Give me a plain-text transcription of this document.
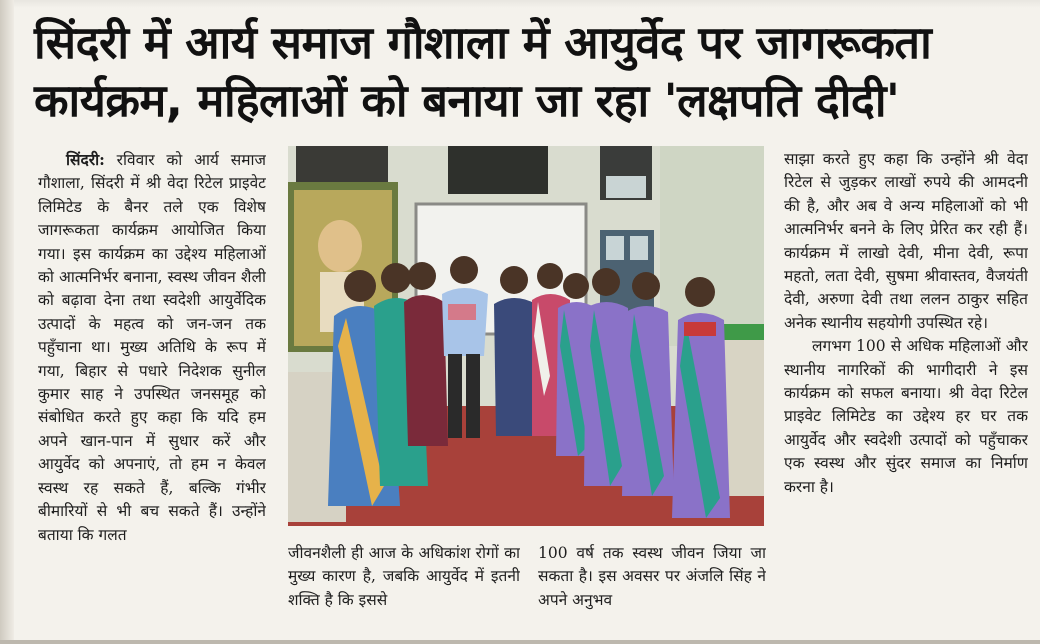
सिंदरी में आर्य समाज गौशाला में आयुर्वेद पर जागरूकता
कार्यक्रम, महिलाओं को बनाया जा रहा 'लक्षपति दीदी'

सिंदरी: रविवार को आर्य समाज गौशाला, सिंदरी में श्री वेदा रिटेल प्राइवेट लिमिटेड के बैनर तले एक विशेष जागरूकता कार्यक्रम आयोजित किया गया। इस कार्यक्रम का उद्देश्य महिलाओं को आत्मनिर्भर बनाना, स्वस्थ जीवन शैली को बढ़ावा देना तथा स्वदेशी आयुर्वेदिक उत्पादों के महत्व को जन-जन तक पहुँचाना था। मुख्य अतिथि के रूप में गया, बिहार से पधारे निदेशक सुनील कुमार साह ने उपस्थित जनसमूह को संबोधित करते हुए कहा कि यदि हम अपने खान-पान में सुधार करें और आयुर्वेद को अपनाएं, तो हम न केवल स्वस्थ रह सकते हैं, बल्कि गंभीर बीमारियों से भी बच सकते हैं। उन्होंने बताया कि गलत

जीवनशैली ही आज के अधिकांश रोगों का मुख्य कारण है, जबकि आयुर्वेद में इतनी शक्ति है कि इससे

100 वर्ष तक स्वस्थ जीवन जिया जा सकता है। इस अवसर पर अंजलि सिंह ने अपने अनुभव

साझा करते हुए कहा कि उन्होंने श्री वेदा रिटेल से जुड़कर लाखों रुपये की आमदनी की है, और अब वे अन्य महिलाओं को भी आत्मनिर्भर बनने के लिए प्रेरित कर रही हैं। कार्यक्रम में लाखो देवी, मीना देवी, रूपा महतो, लता देवी, सुषमा श्रीवास्तव, वैजयंती देवी, अरुणा देवी तथा ललन ठाकुर सहित अनेक स्थानीय सहयोगी उपस्थित रहे।

लगभग 100 से अधिक महिलाओं और स्थानीय नागरिकों की भागीदारी ने इस कार्यक्रम को सफल बनाया। श्री वेदा रिटेल प्राइवेट लिमिटेड का उद्देश्य हर घर तक आयुर्वेद और स्वदेशी उत्पादों को पहुँचाकर एक स्वस्थ और सुंदर समाज का निर्माण करना है।
